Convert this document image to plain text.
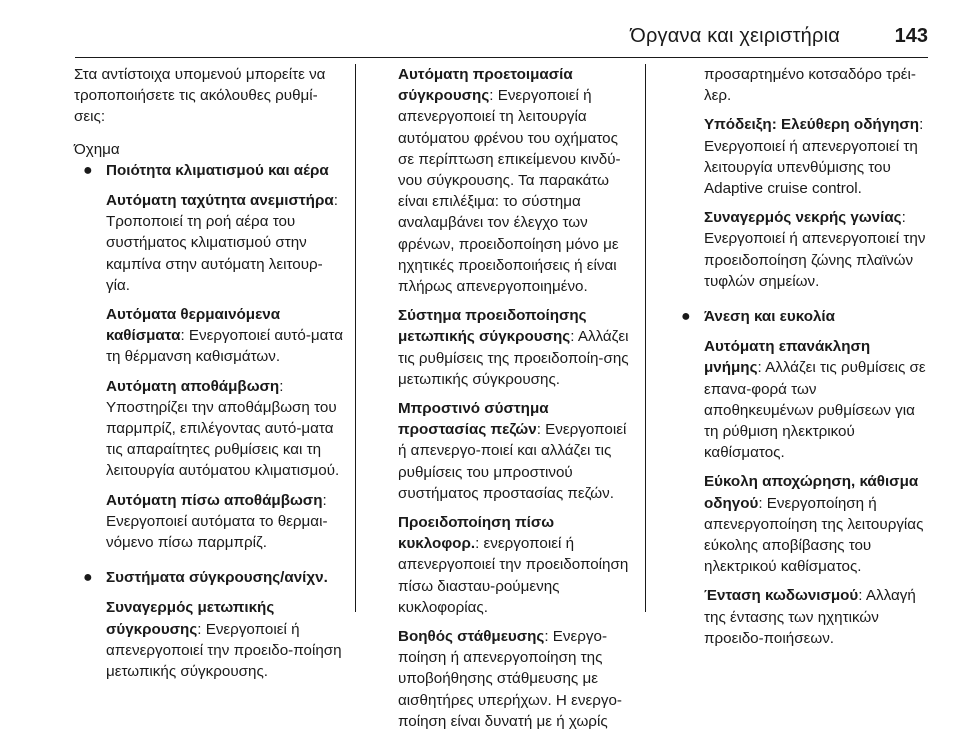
Όργανα και χειριστήρια	143

Στα αντίστοιχα υπομενού μπορείτε να τροποποιήσετε τις ακόλουθες ρυθμί-σεις:

Όχημα

● Ποιότητα κλιματισμού και αέρα

Αυτόματη ταχύτητα ανεμιστήρα: Τροποποιεί τη ροή αέρα του συστήματος κλιματισμού στην καμπίνα στην αυτόματη λειτουρ-γία.

Αυτόματα θερμαινόμενα καθίσματα: Ενεργοποιεί αυτό-ματα τη θέρμανση καθισμάτων.

Αυτόματη αποθάμβωση: Υποστηρίζει την αποθάμβωση του παρμπρίζ, επιλέγοντας αυτό-ματα τις απαραίτητες ρυθμίσεις και τη λειτουργία αυτόματου κλιματισμού.

Αυτόματη πίσω αποθάμβωση: Ενεργοποιεί αυτόματα το θερμαι-νόμενο πίσω παρμπρίζ.

● Συστήματα σύγκρουσης/ανίχν.

Συναγερμός μετωπικής σύγκρουσης: Ενεργοποιεί ή απενεργοποιεί την προειδο-ποίηση μετωπικής σύγκρουσης.

Αυτόματη προετοιμασία σύγκρουσης: Ενεργοποιεί ή απενεργοποιεί τη λειτουργία αυτόματου φρένου του οχήματος σε περίπτωση επικείμενου κινδύ-νου σύγκρουσης. Τα παρακάτω είναι επιλέξιμα: το σύστημα αναλαμβάνει τον έλεγχο των φρένων, προειδοποίηση μόνο με ηχητικές προειδοποιήσεις ή είναι πλήρως απενεργοποιημένο.

Σύστημα προειδοποίησης μετωπικής σύγκρουσης: Αλλάζει τις ρυθμίσεις της προειδοποίη-σης μετωπικής σύγκρουσης.

Μπροστινό σύστημα προστασίας πεζών: Ενεργοποιεί ή απενεργο-ποιεί και αλλάζει τις ρυθμίσεις του μπροστινού συστήματος προστασίας πεζών.

Προειδοποίηση πίσω κυκλοφορ.: ενεργοποιεί ή απενεργοποιεί την προειδοποίηση πίσω διασταυ-ρούμενης κυκλοφορίας.

Βοηθός στάθμευσης: Ενεργο-ποίηση ή απενεργοποίηση της υποβοήθησης στάθμευσης με αισθητήρες υπερήχων. Η ενεργο-ποίηση είναι δυνατή με ή χωρίς

προσαρτημένο κοτσαδόρο τρέι-λερ.

Υπόδειξη: Ελεύθερη οδήγηση: Ενεργοποιεί ή απενεργοποιεί τη λειτουργία υπενθύμισης του Adaptive cruise control.

Συναγερμός νεκρής γωνίας: Ενεργοποιεί ή απενεργοποιεί την προειδοποίηση ζώνης πλαϊνών τυφλών σημείων.

● Άνεση και ευκολία

Αυτόματη επανάκληση μνήμης: Αλλάζει τις ρυθμίσεις σε επανα-φορά των αποθηκευμένων ρυθμίσεων για τη ρύθμιση ηλεκτρικού καθίσματος.

Εύκολη αποχώρηση, κάθισμα οδηγού: Ενεργοποίηση ή απενεργοποίηση της λειτουργίας εύκολης αποβίβασης του ηλεκτρικού καθίσματος.

Ένταση κωδωνισμού: Αλλαγή της έντασης των ηχητικών προειδο-ποιήσεων.
